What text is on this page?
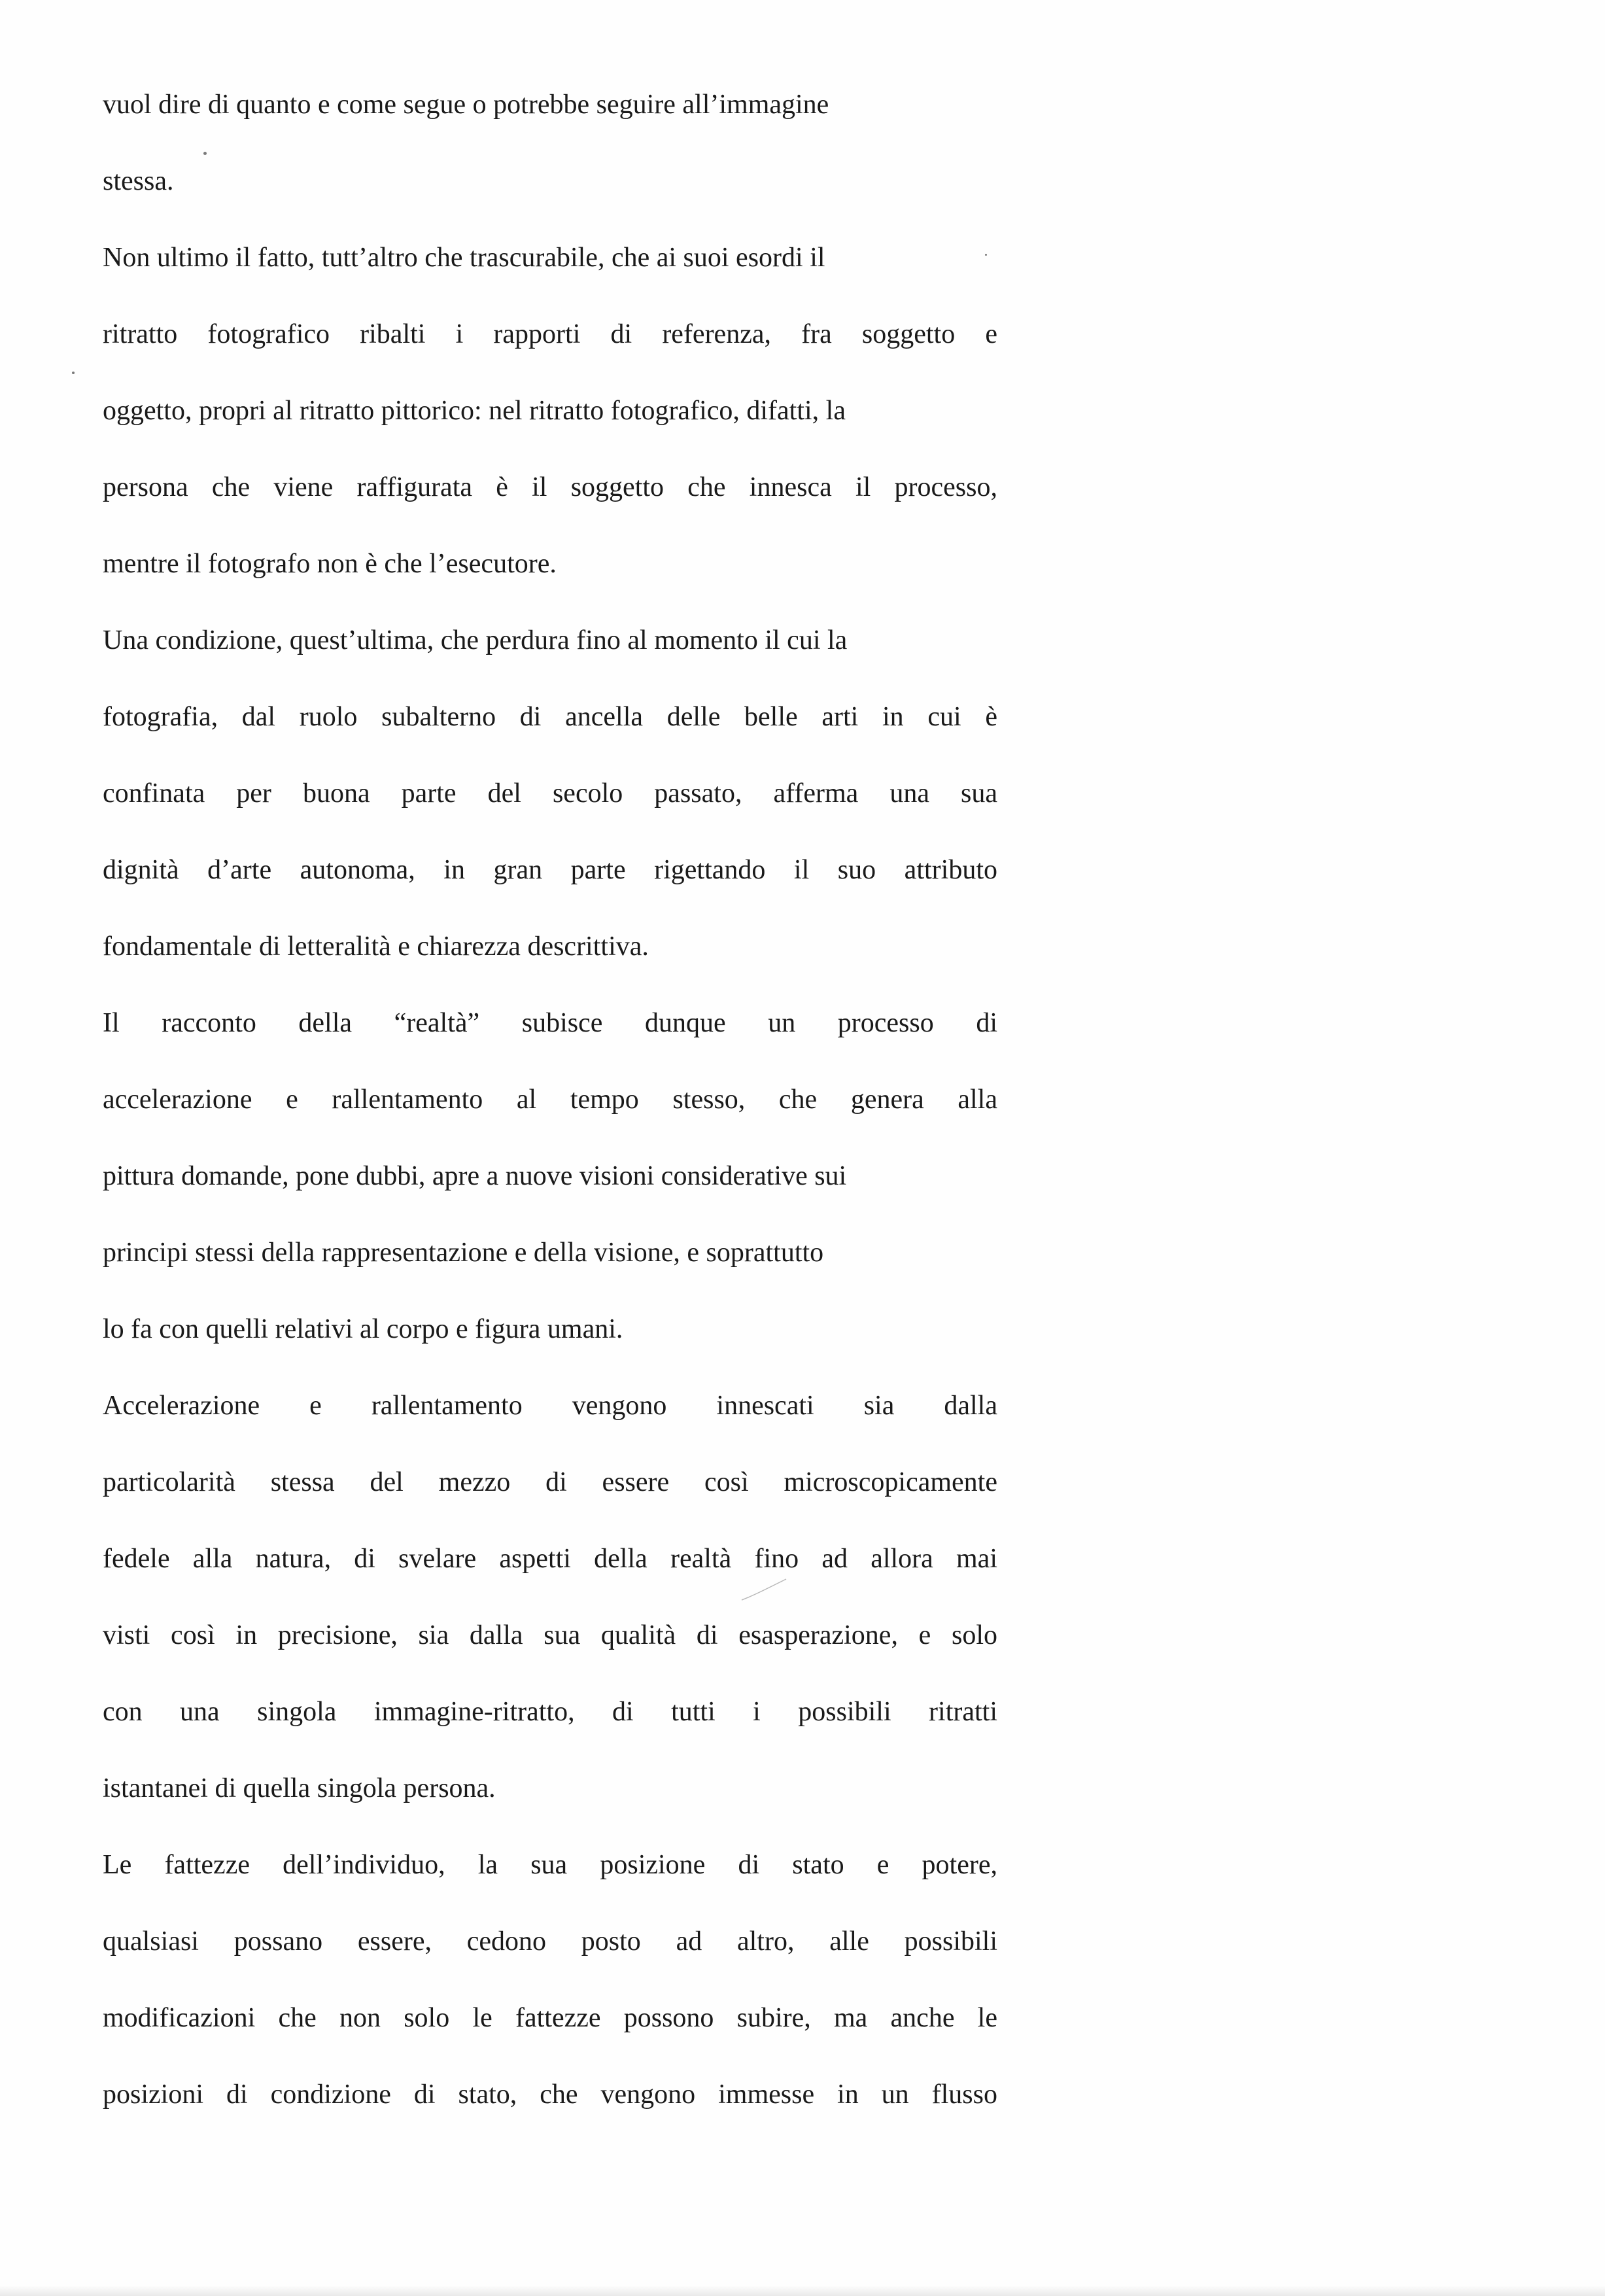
vuol dire di quanto e come segue o potrebbe seguire all’immagine
stessa.
Non ultimo il fatto, tutt’altro che trascurabile, che ai suoi esordi il
ritratto fotografico ribalti i rapporti di referenza, fra soggetto e
oggetto, propri al ritratto pittorico: nel ritratto fotografico, difatti, la
persona che viene raffigurata è il soggetto che innesca il processo,
mentre il fotografo non è che l’esecutore.
Una condizione, quest’ultima, che perdura fino al momento il cui la
fotografia, dal ruolo subalterno di ancella delle belle arti in cui è
confinata per buona parte del secolo passato, afferma una sua
dignità d’arte autonoma, in gran parte rigettando il suo attributo
fondamentale di letteralità e chiarezza descrittiva.
Il racconto della “realtà” subisce dunque un processo di
accelerazione e rallentamento al tempo stesso, che genera alla
pittura domande, pone dubbi, apre a nuove visioni considerative sui
principi stessi della rappresentazione e della visione, e soprattutto
lo fa con quelli relativi al corpo e figura umani.
Accelerazione e rallentamento vengono innescati sia dalla
particolarità stessa del mezzo di essere così microscopicamente
fedele alla natura, di svelare aspetti della realtà fino ad allora mai
visti così in precisione, sia dalla sua qualità di esasperazione, e solo
con una singola immagine-ritratto, di tutti i possibili ritratti
istantanei di quella singola persona.
Le fattezze dell’individuo, la sua posizione di stato e potere,
qualsiasi possano essere, cedono posto ad altro, alle possibili
modificazioni che non solo le fattezze possono subire, ma anche le
posizioni di condizione di stato, che vengono immesse in un flusso
